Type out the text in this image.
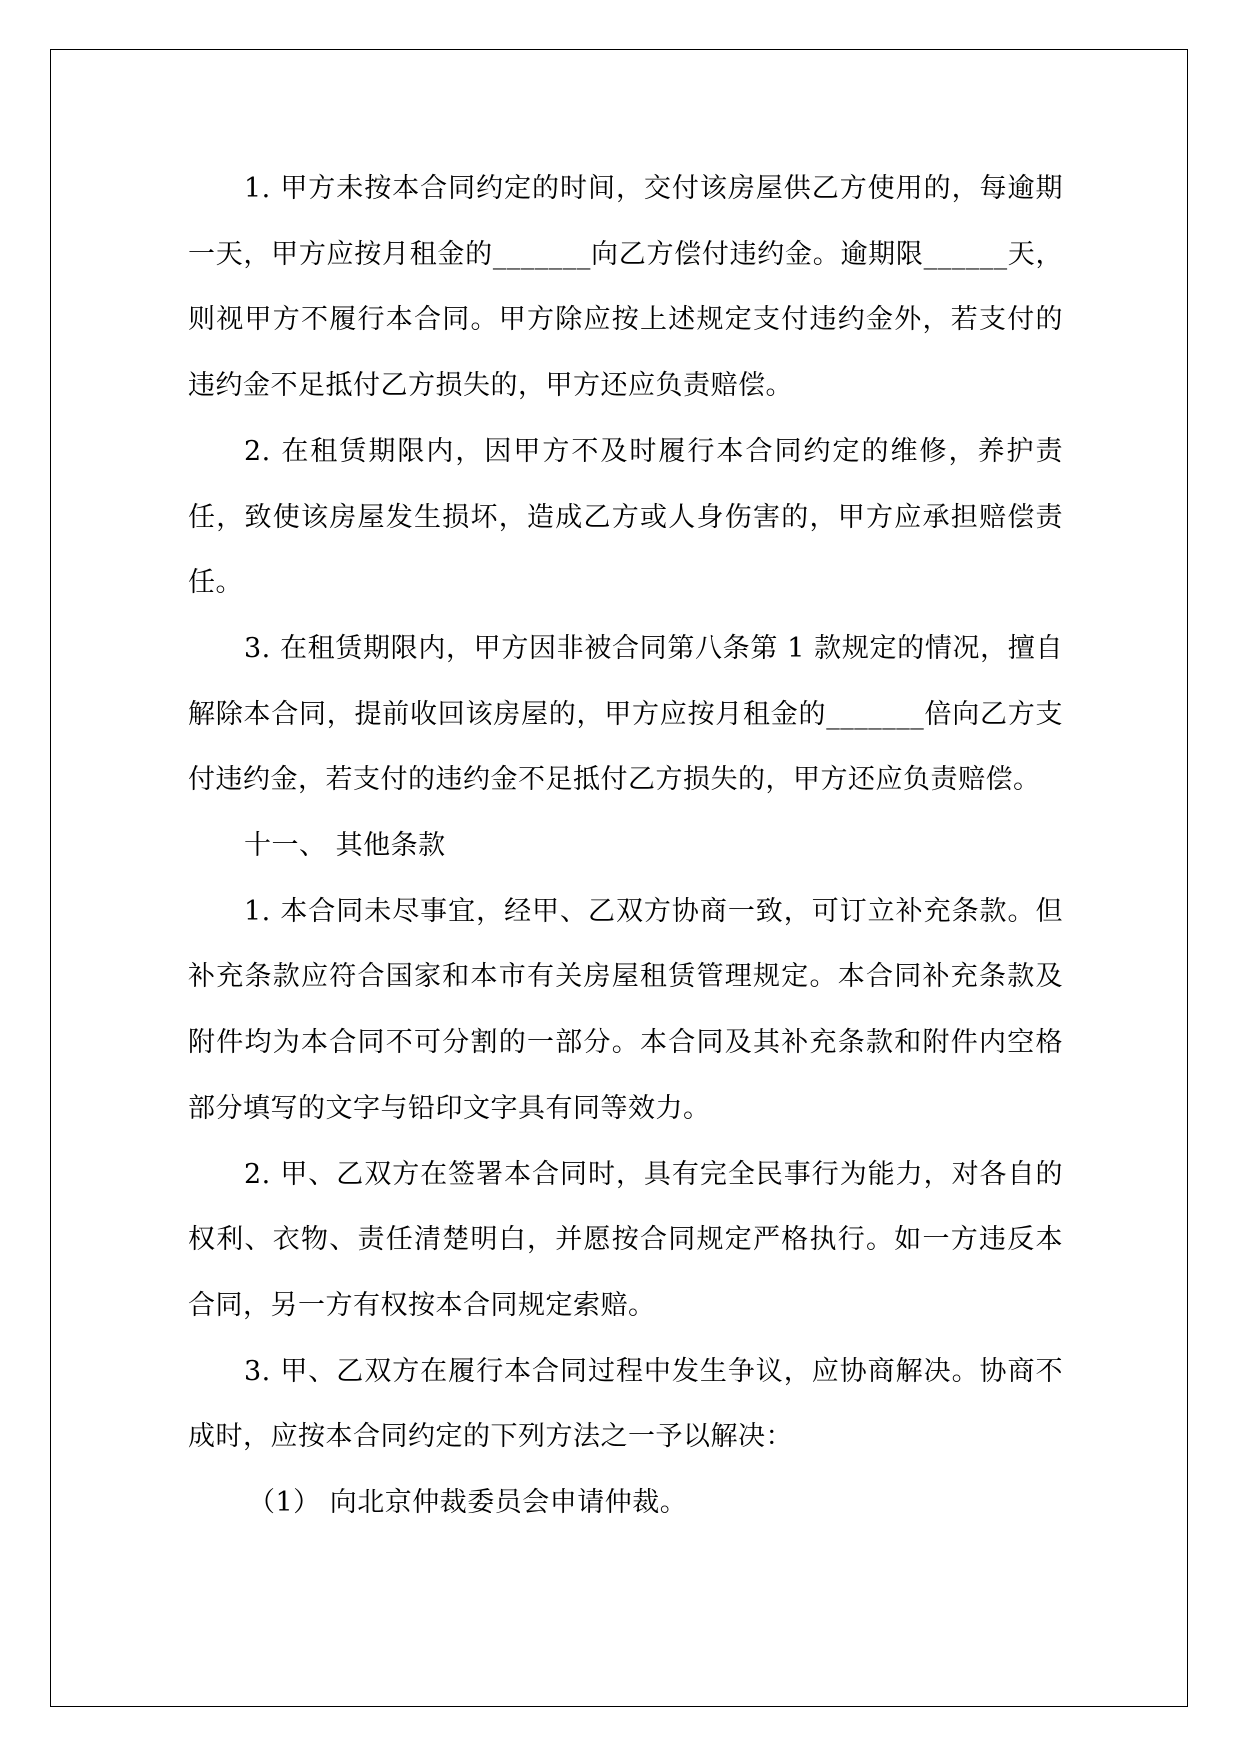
1. 甲方未按本合同约定的时间，交付该房屋供乙方使用的，每逾期一天，甲方应按月租金的_______向乙方偿付违约金。逾期限______天，则视甲方不履行本合同。甲方除应按上述规定支付违约金外，若支付的违约金不足抵付乙方损失的，甲方还应负责赔偿。

2. 在租赁期限内，因甲方不及时履行本合同约定的维修，养护责任，致使该房屋发生损坏，造成乙方或人身伤害的，甲方应承担赔偿责任。

3. 在租赁期限内，甲方因非被合同第八条第 1 款规定的情况，擅自解除本合同，提前收回该房屋的，甲方应按月租金的_______倍向乙方支付违约金，若支付的违约金不足抵付乙方损失的，甲方还应负责赔偿。

十一、 其他条款

1. 本合同未尽事宜，经甲、乙双方协商一致，可订立补充条款。但补充条款应符合国家和本市有关房屋租赁管理规定。本合同补充条款及附件均为本合同不可分割的一部分。本合同及其补充条款和附件内空格部分填写的文字与铅印文字具有同等效力。

2. 甲、乙双方在签署本合同时，具有完全民事行为能力，对各自的权利、衣物、责任清楚明白，并愿按合同规定严格执行。如一方违反本合同，另一方有权按本合同规定索赔。

3. 甲、乙双方在履行本合同过程中发生争议，应协商解决。协商不成时，应按本合同约定的下列方法之一予以解决：

（1） 向北京仲裁委员会申请仲裁。
